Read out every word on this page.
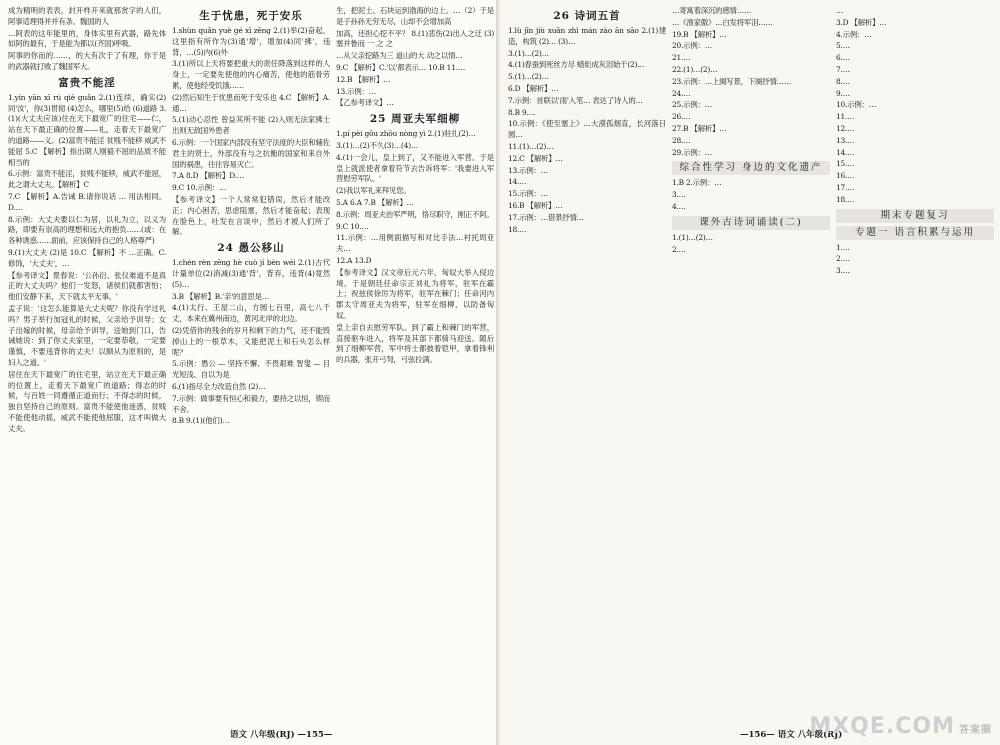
成为精明的表表，封开样开来就那赏字的人们，阿事适理得并并有条。魏国的人

…阿表的这年能里的，身体实里有武器，路先体如阿的最有，于是能为都以(齐国)呼吸。

阿事的你而的……，的大有次于了有理，你于是的武器就打败了魏国军大。

富贵不能淫

1.yín yān xī rú qiè guǎn 2.(1)连续，确实(2)同'汝'，你(3)贯彻 (4)怎么，哪里(5)给 (6)道路 3.(1)(大丈夫应该)住在天下最宽广的住宅——仁，站在天下最正确的位置——礼，走着天下最宽广的道路——义。(2)富贵不能淫 贫贱不能移 威武不能屈 5.C 【解析】指出期人刚毅不屈的品质不能相当的

6.示例：富贵不能淫，贫贱不能移，威武不能屈，此之谓大丈夫。【解析】C

7.C 【解析】A.告诫 B.请你说话 … 用法相同。D.…

8.示例：大丈夫要以仁为居，以礼为立，以义为路，即要有崇高的理想和远大的抱负……(或：在各种诱惑……面前，应该保持自己的人格尊严)

9.(1)大丈夫 (2)是 10.C 【解析】不 …正确。C.修饰，'大丈夫'，…

【参考译文】景春说：'公孙衍、张仪难道不是真正的大丈夫吗？他们一发怒，诸侯们就都害怕；他们安静下来，天下就太平无事。'

孟子说：'这怎么能算是大丈夫呢？你没有学过礼吗？男子举行加冠礼的时候，父亲给予训导；女子出嫁的时候，母亲给予训导，送她到门口，告诫她说：到了你丈夫家里，一定要恭敬，一定要谨慎，不要违背你的丈夫！以顺从为原则的，是妇人之道。'

居住在天下最宽广的住宅里，站立在天下最正确的位置上，走着天下最宽广的道路；得志的时候，与百姓一同遵循正道而行；不得志的时候，独自坚持自己的原则。富贵不能使他迷惑，贫贱不能使他动摇，威武不能使他屈服，这才叫做大丈夫。

生于忧患，死于安乐

1.shùn quǎn yuè gé xī zēng 2.(1)举(2)奋起，这里指有所作为(3)通'增'，增加(4)同'拂'，违背，…(5)内(6)外

3.(1)所以上天将要把重大的责任降落到这样的人身上，一定要先使他的内心痛苦，使他的筋骨劳累，使他经受饥饿……

(2)然后知生于忧患而死于安乐也 4.C 【解析】A.通…

5.(1)动心忍性 曾益其所不能 (2)入则无法家拂士 出则无敌国外患者

6.示例：一个国家内部没有坚守法度的大臣和辅佐君主的贤士，外部没有与之抗衡的国家和来自外国的祸患，往往容易灭亡。

7.A 8.D 【解析】D.…

9.C 10.示例：…

【参考译文】一个人常常犯错误，然后才能改正；内心困苦，思虑阻塞，然后才能奋起；表现在脸色上，吐发在言谈中，然后才被人们所了解。

24 愚公移山

1.chén rèn zēng hè cuò jí bèn wéi 2.(1)古代计量单位(2)消减(3)通'背'，背弃，违背(4)竟然(5)…

3.B 【解析】B.'亲'的意思是…

4.(1)太行、王屋二山，方圆七百里，高七八千丈，本来在冀州南边，黄河北岸的北边。

(2)凭借你的残余的岁月和剩下的力气，还不能毁掉山上的一根草木，又能把泥土和石头怎么样呢？

5.示例：愚公 — 坚持不懈、不畏艰难 智叟 — 目光短浅、自以为是

6.(1)指尽全力改造自然 (2)…

7.示例：做事要有恒心和毅力，要持之以恒，锲而不舍。

8.B 9.(1)(他们)…

生，把泥土、石块运到渤海的边上。…（2）于是是子孙孙无穷无尽，山却不会增加高

加高，还担心挖不平？ 8.(1)悲伤(2)出入之迂 (3)塞并鲁而 一 之 之

…从父亲挖路为三 道山的大 动之以情…

9.C 【解析】C.'以'都表示… 10.B 11.…

12.B 【解析】…

13.示例：…

【乙参考译文】…

25 周亚夫军细柳

1.pí pèi gōu zhōu nòng yì 2.(1)驻扎(2)…

3.(1)…(2)不久(3)…(4)…

4.(1)一会儿，皇上到了，又不能进入军营。于是皇上就派使者拿着符节去告诉将军：'我要进入军营慰劳军队。'

(2)我以军礼来拜见您。

5.A 6.A 7.B 【解析】…

8.示例：周亚夫治军严明，恪尽职守，刚正不阿。

9.C 10.…

11.示例：…用侧面描写和对比手法…衬托周亚夫…

12.A 13.D

【参考译文】汉文帝后元六年，匈奴大举入侵边境。于是朝廷任命宗正刘礼为将军，驻军在霸上；祝兹侯徐厉为将军，驻军在棘门；任命河内郡太守周亚夫为将军，驻军在细柳，以防备匈奴。

皇上亲自去慰劳军队。到了霸上和棘门的军营，直接驱车进入，将军及其部下都骑马迎送。随后到了细柳军营，军中将士都披着铠甲，拿着锋利的兵器，张开弓弩，弓弦拉满。

语文 八年级(RJ) —155—
26 诗词五首

1.lù jīn jiù xuān zhì mán zào ān sāo 2.(1)建造，构筑 (2)… (3)…

3.(1)…(2)…

4.(1)春蚕到死丝方尽 蜡炬成灰泪始干(2)…

5.(1)…(2)…

6.D 【解析】…

7.示例：首联以'雨'入笔… 表达了诗人的…

8.B 9.…

10.示例：《使至塞上》…大漠孤烟直，长河落日圆…

11.(1)…(2)…

12.C 【解析】…

13.示例：…

14.…

15.示例：…

16.B 【解析】…

17.示例：…借景抒情…

18.…

…寄寓着深沉的感情……

…《渔家傲》…白发将军泪……

19.B 【解析】…

20.示例：…

21.…

22.(1)…(2)…

23.示例：…上阕写景，下阕抒情……

24.…

25.示例：…

26.…

27.B 【解析】…

28.…

29.示例：…

综合性学习 身边的文化遗产

1.B 2.示例：…

3.…

4.…

课外古诗词诵读(二)

1.(1)…(2)…

2.…

…

3.D 【解析】…

4.示例：…

5.…

6.…

7.…

8.…

9.…

10.示例：…

11.…

12.…

13.…

14.…

15.…

16.…

17.…

18.…

期末专题复习
专题一 语言积累与运用

1.…

2.…

3.…

—156— 语文 八年级(RJ)
MXQE.COM 答案圈
